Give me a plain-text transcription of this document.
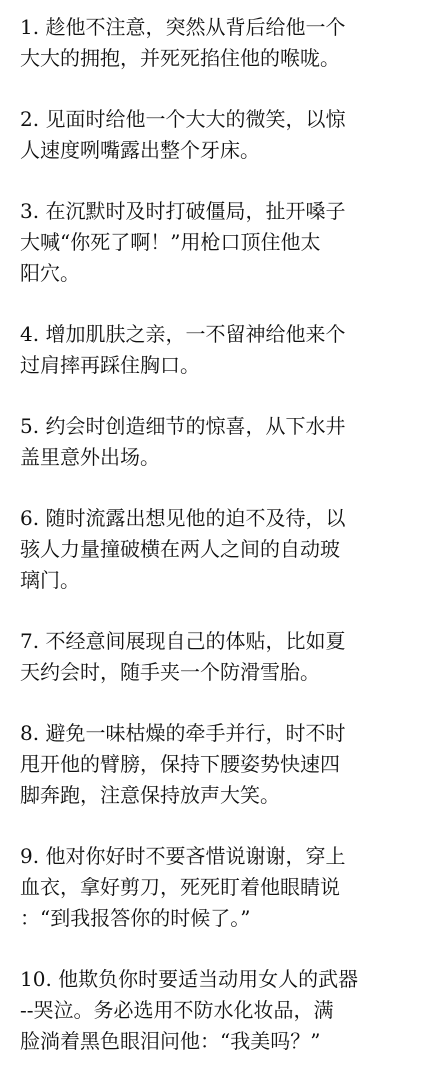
1. 趁他不注意，突然从背后给他一个
大大的拥抱，并死死掐住他的喉咙。
2. 见面时给他一个大大的微笑，以惊
人速度咧嘴露出整个牙床。
3. 在沉默时及时打破僵局，扯开嗓子
大喊“你死了啊！”用枪口顶住他太
阳穴。
4. 增加肌肤之亲，一不留神给他来个
过肩摔再踩住胸口。
5. 约会时创造细节的惊喜，从下水井
盖里意外出场。
6. 随时流露出想见他的迫不及待，以
骇人力量撞破横在两人之间的自动玻
璃门。
7. 不经意间展现自己的体贴，比如夏
天约会时，随手夹一个防滑雪胎。
8. 避免一味枯燥的牵手并行，时不时
甩开他的臂膀，保持下腰姿势快速四
脚奔跑，注意保持放声大笑。
9. 他对你好时不要吝惜说谢谢，穿上
血衣，拿好剪刀，死死盯着他眼睛说
：“到我报答你的时候了。”
10. 他欺负你时要适当动用女人的武器
--哭泣。务必选用不防水化妆品，满
脸淌着黑色眼泪问他：“我美吗？”
